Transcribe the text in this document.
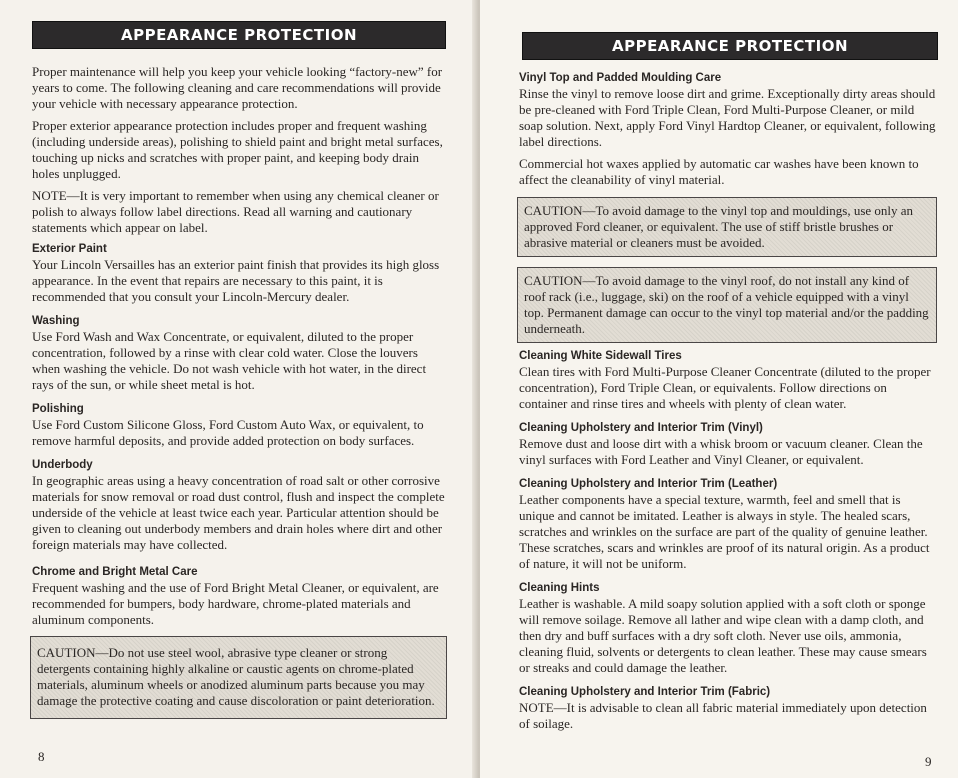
APPEARANCE PROTECTION

Proper maintenance will help you keep your vehicle looking “factory-new” for years to come. The following cleaning and care recommendations will provide your vehicle with necessary appearance protection.

Proper exterior appearance protection includes proper and frequent washing (including underside areas), polishing to shield paint and bright metal surfaces, touching up nicks and scratches with proper paint, and keeping body drain holes unplugged.

NOTE—It is very important to remember when using any chemical cleaner or polish to always follow label directions. Read all warning and cautionary statements which appear on label.

Exterior Paint

Your Lincoln Versailles has an exterior paint finish that provides its high gloss appearance. In the event that repairs are necessary to this paint, it is recommended that you consult your Lincoln-Mercury dealer.

Washing

Use Ford Wash and Wax Concentrate, or equivalent, diluted to the proper concentration, followed by a rinse with clear cold water. Close the louvers when washing the vehicle. Do not wash vehicle with hot water, in the direct rays of the sun, or while sheet metal is hot.

Polishing

Use Ford Custom Silicone Gloss, Ford Custom Auto Wax, or equivalent, to remove harmful deposits, and provide added protection on body surfaces.

Underbody

In geographic areas using a heavy concentration of road salt or other corrosive materials for snow removal or road dust control, flush and inspect the complete underside of the vehicle at least twice each year. Particular attention should be given to cleaning out underbody members and drain holes where dirt and other foreign materials may have collected.

Chrome and Bright Metal Care

Frequent washing and the use of Ford Bright Metal Cleaner, or equivalent, are recommended for bumpers, body hardware, chrome-plated materials and aluminum components.

CAUTION—Do not use steel wool, abrasive type cleaner or strong detergents containing highly alkaline or caustic agents on chrome-plated materials, aluminum wheels or anodized aluminum parts because you may damage the protective coating and cause discoloration or paint deterioration.
8
APPEARANCE PROTECTION
Vinyl Top and Padded Moulding Care

Rinse the vinyl to remove loose dirt and grime. Exceptionally dirty areas should be pre-cleaned with Ford Triple Clean, Ford Multi-Purpose Cleaner, or mild soap solution. Next, apply Ford Vinyl Hardtop Cleaner, or equivalent, following label directions.

Commercial hot waxes applied by automatic car washes have been known to affect the cleanability of vinyl material.

CAUTION—To avoid damage to the vinyl top and mouldings, use only an approved Ford cleaner, or equivalent. The use of stiff bristle brushes or abrasive material or cleaners must be avoided.
CAUTION—To avoid damage to the vinyl roof, do not install any kind of roof rack (i.e., luggage, ski) on the roof of a vehicle equipped with a vinyl top. Permanent damage can occur to the vinyl top material and/or the padding underneath.
Cleaning White Sidewall Tires

Clean tires with Ford Multi-Purpose Cleaner Concentrate (diluted to the proper concentration), Ford Triple Clean, or equivalents. Follow directions on container and rinse tires and wheels with plenty of clean water.

Cleaning Upholstery and Interior Trim (Vinyl)

Remove dust and loose dirt with a whisk broom or vacuum cleaner. Clean the vinyl surfaces with Ford Leather and Vinyl Cleaner, or equivalent.

Cleaning Upholstery and Interior Trim (Leather)

Leather components have a special texture, warmth, feel and smell that is unique and cannot be imitated. Leather is always in style. The healed scars, scratches and wrinkles on the surface are part of the quality of genuine leather. These scratches, scars and wrinkles are proof of its natural origin. As a product of nature, it will not be uniform.

Cleaning Hints

Leather is washable. A mild soapy solution applied with a soft cloth or sponge will remove soilage. Remove all lather and wipe clean with a damp cloth, and then dry and buff surfaces with a dry soft cloth. Never use oils, ammonia, cleaning fluid, solvents or detergents to clean leather. These may cause smears or streaks and could damage the leather.

Cleaning Upholstery and Interior Trim (Fabric)

NOTE—It is advisable to clean all fabric material immediately upon detection of soilage.

9
